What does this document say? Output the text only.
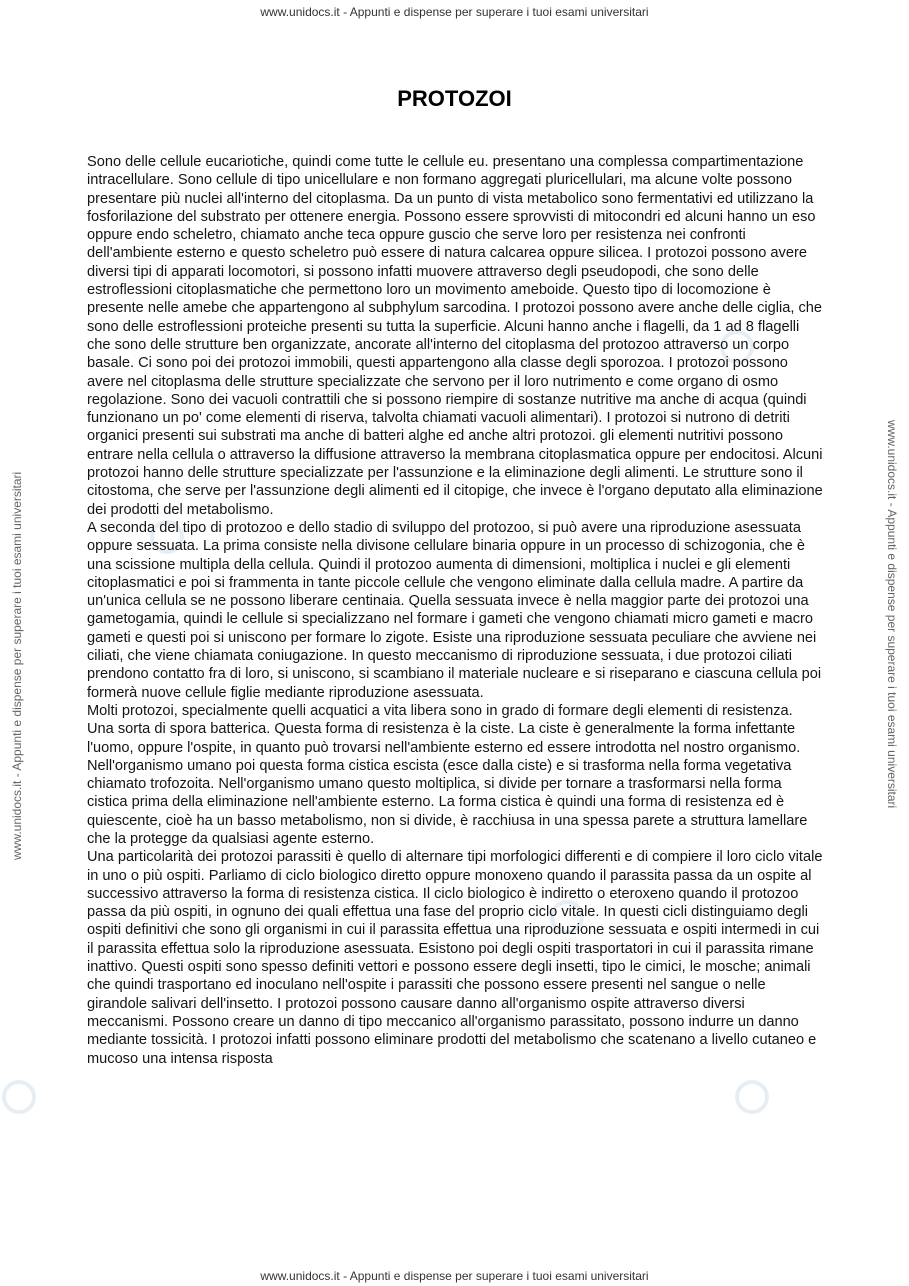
www.unidocs.it - Appunti e dispense per superare i tuoi esami universitari
www.unidocs.it - Appunti e dispense per superare i tuoi esami universitari	www.unidocs.it - Appunti e dispense per superare i tuoi esami universitari
PROTOZOI

Sono delle cellule eucariotiche, quindi come tutte le cellule eu. presentano una complessa compartimentazione intracellulare. Sono cellule di tipo unicellulare e non formano aggregati pluricellulari, ma alcune volte possono presentare più nuclei all'interno del citoplasma. Da un punto di vista metabolico sono fermentativi ed utilizzano la fosforilazione del substrato per ottenere energia. Possono essere sprovvisti di mitocondri ed alcuni hanno un eso oppure endo scheletro, chiamato anche teca oppure guscio che serve loro per resistenza nei confronti dell'ambiente esterno e questo scheletro può essere di natura calcarea oppure silicea. I protozoi possono avere diversi tipi di apparati locomotori, si possono infatti muovere attraverso degli pseudopodi, che sono delle estroflessioni citoplasmatiche che permettono loro un movimento ameboide. Questo tipo di locomozione è presente nelle amebe che appartengono al subphylum sarcodina. I protozoi possono avere anche delle ciglia, che sono delle estroflessioni proteiche presenti su tutta la superficie. Alcuni hanno anche i flagelli, da 1 ad 8 flagelli che sono delle strutture ben organizzate, ancorate all'interno del citoplasma del protozoo attraverso un corpo basale. Ci sono poi dei protozoi immobili, questi appartengono alla classe degli sporozoa. I protozoi possono avere nel citoplasma delle strutture specializzate che servono per il loro nutrimento e come organo di osmo regolazione. Sono dei vacuoli contrattili che si possono riempire di sostanze nutritive ma anche di acqua (quindi funzionano un po' come elementi di riserva, talvolta chiamati vacuoli alimentari). I protozoi si nutrono di detriti organici presenti sui substrati ma anche di batteri alghe ed anche altri protozoi. gli elementi nutritivi possono entrare nella cellula o attraverso la diffusione attraverso la membrana citoplasmatica oppure per endocitosi. Alcuni protozoi hanno delle strutture specializzate per l'assunzione e la eliminazione degli alimenti. Le strutture sono il citostoma, che serve per l'assunzione degli alimenti ed il citopige, che invece è l'organo deputato alla eliminazione dei prodotti del metabolismo.

A seconda del tipo di protozoo e dello stadio di sviluppo del protozoo, si può avere una riproduzione asessuata oppure sessuata. La prima consiste nella divisone cellulare binaria oppure in un processo di schizogonia, che è una scissione multipla della cellula. Quindi il protozoo aumenta di dimensioni, moltiplica i nuclei e gli elementi citoplasmatici e poi si frammenta in tante piccole cellule che vengono eliminate dalla cellula madre. A partire da un'unica cellula se ne possono liberare centinaia. Quella sessuata invece è nella maggior parte dei protozoi una gametogamia, quindi le cellule si specializzano nel formare i gameti che vengono chiamati micro gameti e macro gameti e questi poi si uniscono per formare lo zigote. Esiste una riproduzione sessuata peculiare che avviene nei ciliati, che viene chiamata coniugazione. In questo meccanismo di riproduzione sessuata, i due protozoi ciliati prendono contatto fra di loro, si uniscono, si scambiano il materiale nucleare e si riseparano e ciascuna cellula poi formerà nuove cellule figlie mediante riproduzione asessuata.

Molti protozoi, specialmente quelli acquatici a vita libera sono in grado di formare degli elementi di resistenza. Una sorta di spora batterica. Questa forma di resistenza è la ciste. La ciste è generalmente la forma infettante l'uomo, oppure l'ospite, in quanto può trovarsi nell'ambiente esterno ed essere introdotta nel nostro organismo. Nell'organismo umano poi questa forma cistica escista (esce dalla ciste) e si trasforma nella forma vegetativa chiamato trofozoita. Nell'organismo umano questo moltiplica, si divide per tornare a trasformarsi nella forma cistica prima della eliminazione nell'ambiente esterno. La forma cistica è quindi una forma di resistenza ed è quiescente, cioè ha un basso metabolismo, non si divide, è racchiusa in una spessa parete a struttura lamellare che la protegge da qualsiasi agente esterno.

Una particolarità dei protozoi parassiti è quello di alternare tipi morfologici differenti e di compiere il loro ciclo vitale in uno o più ospiti. Parliamo di ciclo biologico diretto oppure monoxeno quando il parassita passa da un ospite al successivo attraverso la forma di resistenza cistica. Il ciclo biologico è indiretto o eteroxeno quando il protozoo passa da più ospiti, in ognuno dei quali effettua una fase del proprio ciclo vitale. In questi cicli distinguiamo degli ospiti definitivi che sono gli organismi in cui il parassita effettua una riproduzione sessuata e ospiti intermedi in cui il parassita effettua solo la riproduzione asessuata. Esistono poi degli ospiti trasportatori in cui il parassita rimane inattivo. Questi ospiti sono spesso definiti vettori e possono essere degli insetti, tipo le cimici, le mosche; animali che quindi trasportano ed inoculano nell'ospite i parassiti che possono essere presenti nel sangue o nelle girandole salivari dell'insetto. I protozoi possono causare danno all'organismo ospite attraverso diversi meccanismi. Possono creare un danno di tipo meccanico all'organismo parassitato, possono indurre un danno mediante tossicità. I protozoi infatti possono eliminare prodotti del metabolismo che scatenano a livello cutaneo e mucoso una intensa risposta

www.unidocs.it - Appunti e dispense per superare i tuoi esami universitari
